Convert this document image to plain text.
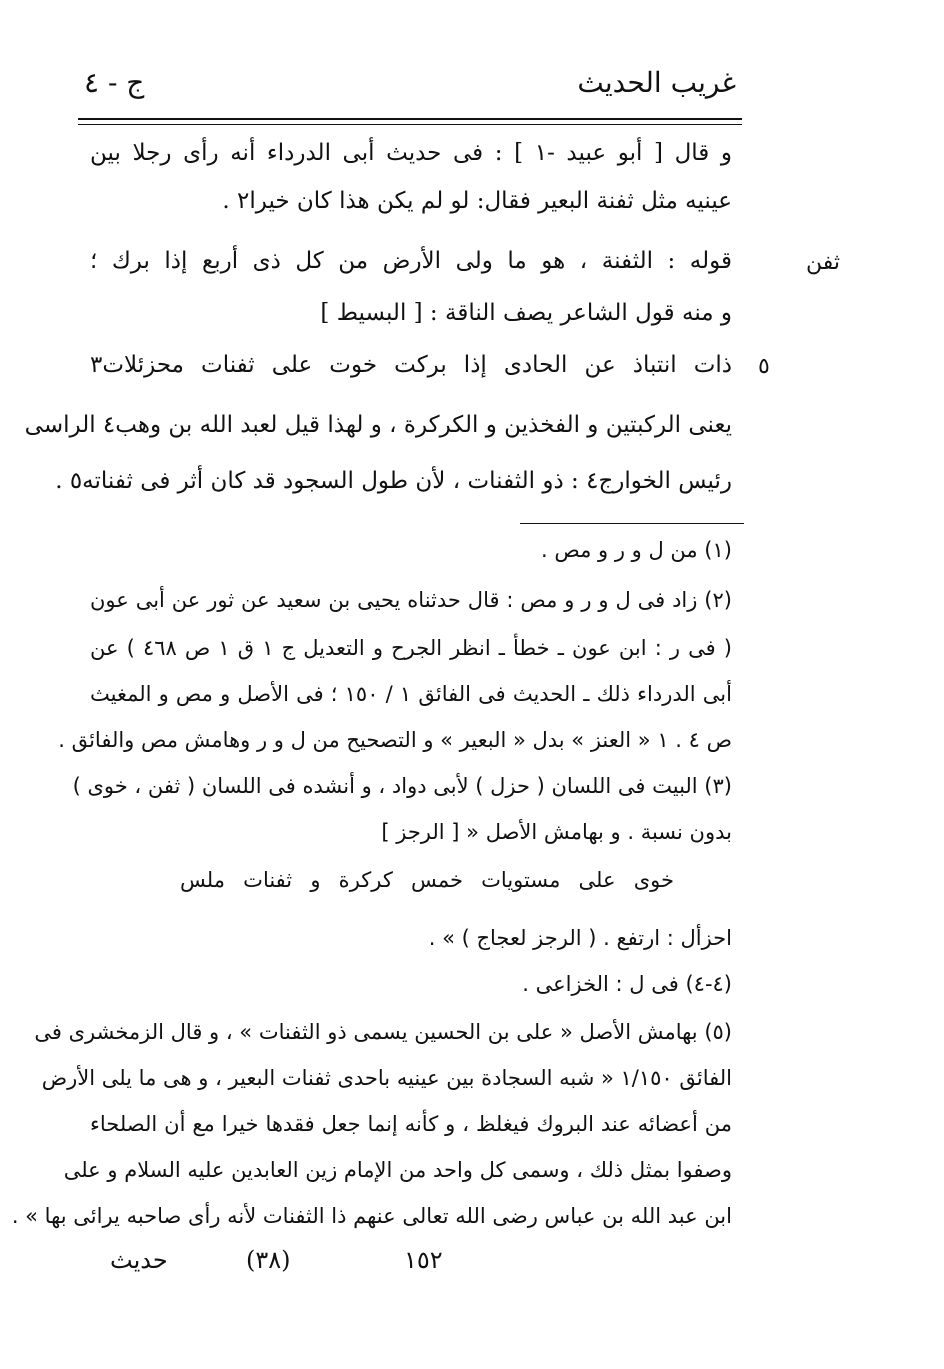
غريب الحديث
ج - ٤
و قال [ أبو عبيد -١ ] : فى حديث أبى الدرداء أنه رأى رجلا بين
عينيه مثل ثفنة البعير فقال: لو لم يكن هذا كان خيرا٢ .
ثفن
قوله : الثفنة ، هو ما ولى الأرض من كل ذى أربع إذا برك ؛
و منه قول الشاعر يصف الناقة : [ البسيط ]
٥
ذات انتباذ عن الحادى إذا بركت خوت على ثفنات محزئلات٣
يعنى الركبتين و الفخذين و الكركرة ، و لهذا قيل لعبد الله بن وهب٤ الراسى
رئيس الخوارج٤ : ذو الثفنات ، لأن طول السجود قد كان أثر فى ثفناته٥ .
(١) من ل و ر و مص .
(٢) زاد فى ل و ر و مص : قال حدثناه يحيى بن سعيد عن ثور عن أبى عون
( فى ر : ابن عون ـ خطأ ـ انظر الجرح و التعديل ج ١ ق ١ ص ٤٦٨ ) عن
أبى الدرداء ذلك ـ الحديث فى الفائق ١ / ١٥٠ ؛ فى الأصل و مص و المغيث
ص ٤ . ١ « العنز » بدل « البعير » و التصحيح من ل و ر وهامش مص والفائق .
(٣) البيت فى اللسان ( حزل ) لأبى دواد ، و أنشده فى اللسان ( ثفن ، خوى )
بدون نسبة . و بهامش الأصل « [ الرجز ]
خوى على مستويات خمس كركرة و ثفنات ملس
احزأل : ارتفع . ( الرجز لعجاج ) » .
(٤-٤) فى ل : الخزاعى .
(٥) بهامش الأصل « على بن الحسين يسمى ذو الثفنات » ، و قال الزمخشرى فى
الفائق ١/١٥٠ « شبه السجادة بين عينيه باحدى ثفنات البعير ، و هى ما يلى الأرض
من أعضائه عند البروك فيغلظ ، و كأنه إنما جعل فقدها خيرا مع أن الصلحاء
وصفوا بمثل ذلك ، وسمى كل واحد من الإمام زين العابدين عليه السلام و على
ابن عبد الله بن عباس رضى الله تعالى عنهم ذا الثفنات لأنه رأى صاحبه يرائى بها » .
١٥٢
(٣٨)
حديث
